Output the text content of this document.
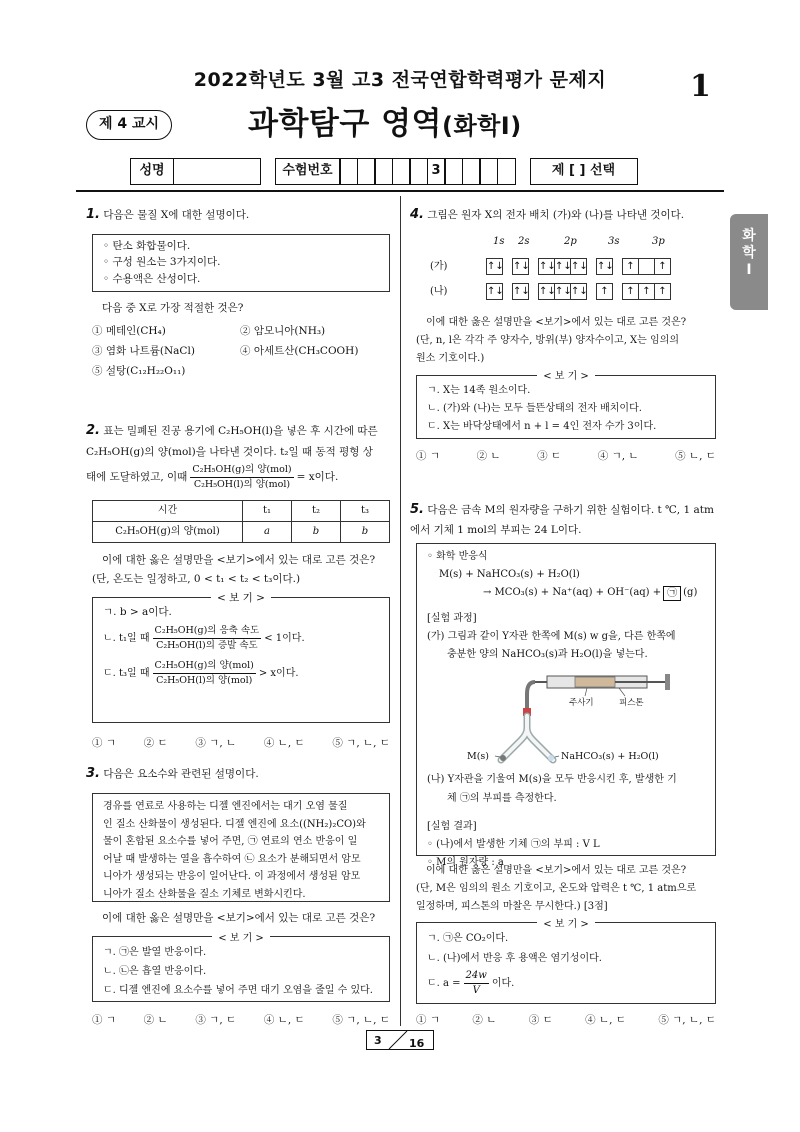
2022학년도 3월 고3 전국연합학력평가 문제지	1
제 4 교시	과학탐구 영역(화학Ⅰ)
성명	수험번호	3	제 [ ] 선택
화
학
Ⅰ
1. 다음은 물질 X에 대한 설명이다.
◦ 탄소 화합물이다.
◦ 구성 원소는 3가지이다.
◦ 수용액은 산성이다.
다음 중 X로 가장 적절한 것은?
① 메테인(CH₄)	② 암모니아(NH₃)
③ 염화 나트륨(NaCl)	④ 아세트산(CH₃COOH)
⑤ 설탕(C₁₂H₂₂O₁₁)
2. 표는 밀폐된 진공 용기에 C₂H₅OH(l)을 넣은 후 시간에 따른
C₂H₅OH(g)의 양(mol)을 나타낸 것이다. t₂일 때 동적 평형 상
태에 도달하였고, 이때 $\frac{\text{C₂H₅OH(g)의 양(mol)}}{\text{C₂H₅OH(l)의 양(mol)}} = x$이다.
시간	t₁	t₂	t₃
C₂H₅OH(g)의 양(mol)	a	b	b
이에 대한 옳은 설명만을 <보기>에서 있는 대로 고른 것은?
(단, 온도는 일정하고, 0 < t₁ < t₂ < t₃이다.)
< 보 기 >
ㄱ. b > a이다.
ㄴ. t₁일 때 $\frac{\text{C₂H₅OH(g)의 응축 속도}}{\text{C₂H₅OH(l)의 증발 속도}} < 1$이다.
ㄷ. t₃일 때 $\frac{\text{C₂H₅OH(g)의 양(mol)}}{\text{C₂H₅OH(l)의 양(mol)}} > x$이다.
① ㄱ	② ㄷ	③ ㄱ, ㄴ	④ ㄴ, ㄷ	⑤ ㄱ, ㄴ, ㄷ
3. 다음은 요소수와 관련된 설명이다.
경유를 연료로 사용하는 디젤 엔진에서는 대기 오염 물질
인 질소 산화물이 생성된다. 디젤 엔진에 요소((NH₂)₂CO)와
물이 혼합된 요소수를 넣어 주면, ㉠ 연료의 연소 반응이 일
어날 때 발생하는 열을 흡수하여 ㉡ 요소가 분해되면서 암모
니아가 생성되는 반응이 일어난다. 이 과정에서 생성된 암모
니아가 질소 산화물을 질소 기체로 변화시킨다.
이에 대한 옳은 설명만을 <보기>에서 있는 대로 고른 것은?
< 보 기 >
ㄱ. ㉠은 발열 반응이다.
ㄴ. ㉡은 흡열 반응이다.
ㄷ. 디젤 엔진에 요소수를 넣어 주면 대기 오염을 줄일 수 있다.
① ㄱ	② ㄴ	③ ㄱ, ㄷ	④ ㄴ, ㄷ	⑤ ㄱ, ㄴ, ㄷ
4. 그림은 원자 X의 전자 배치 (가)와 (나)를 나타낸 것이다.
1s 2s	2p	3s	3p
(가)	↑↓ ↑↓ ↑↓ ↑↓ ↑↓ ↑↓	↑	↑
(나)	↑↓ ↑↓ ↑↓ ↑↓ ↑↓	↑	↑ ↑ ↑
이에 대한 옳은 설명만을 <보기>에서 있는 대로 고른 것은?
(단, n, l은 각각 주 양자수, 방위(부) 양자수이고, X는 임의의
원소 기호이다.)
< 보 기 >
ㄱ. X는 14족 원소이다.
ㄴ. (가)와 (나)는 모두 들뜬상태의 전자 배치이다.
ㄷ. X는 바닥상태에서 n + l = 4인 전자 수가 3이다.
① ㄱ	② ㄴ	③ ㄷ	④ ㄱ, ㄴ	⑤ ㄴ, ㄷ
5. 다음은 금속 M의 원자량을 구하기 위한 실험이다. t ℃, 1 atm
에서 기체 1 mol의 부피는 24 L이다.
◦ 화학 반응식
M(s) + NaHCO₃(s) + H₂O(l)
→ MCO₃(s) + Na⁺(aq) + OH⁻(aq) + ㉠ (g)
[실험 과정]
(가) 그림과 같이 Y자관 한쪽에 M(s) w g을, 다른 한쪽에
충분한 양의 NaHCO₃(s)과 H₂O(l)을 넣는다.
주사기	피스톤
M(s)	NaHCO₃(s) + H₂O(l)
(나) Y자관을 기울여 M(s)을 모두 반응시킨 후, 발생한 기
체 ㉠의 부피를 측정한다.
[실험 결과]
◦ (나)에서 발생한 기체 ㉠의 부피 : V L
◦ M의 원자량 : a
이에 대한 옳은 설명만을 <보기>에서 있는 대로 고른 것은?
(단, M은 임의의 원소 기호이고, 온도와 압력은 t ℃, 1 atm으로
일정하며, 피스톤의 마찰은 무시한다.) [3점]
< 보 기 >
ㄱ. ㉠은 CO₂이다.
ㄴ. (나)에서 반응 후 용액은 염기성이다.
ㄷ. $a = \frac{24w}{V}$ 이다.
① ㄱ	② ㄴ	③ ㄷ	④ ㄴ, ㄷ	⑤ ㄱ, ㄴ, ㄷ
3 16
